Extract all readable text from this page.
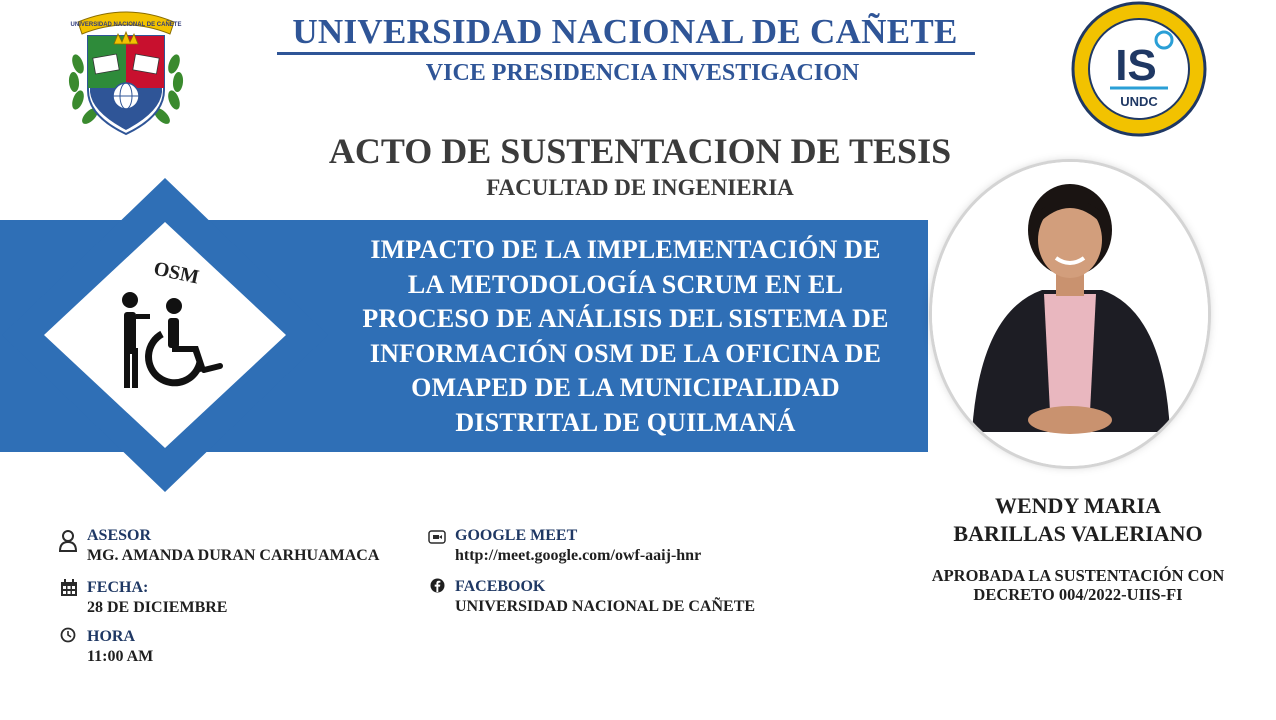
UNIVERSIDAD NACIONAL DE CAÑETE
IS
UNDC
UNIVERSIDAD NACIONAL DE CAÑETE
VICE PRESIDENCIA INVESTIGACION
ACTO DE SUSTENTACION DE TESIS
FACULTAD DE INGENIERIA
OSM
IMPACTO DE LA IMPLEMENTACIÓN DE
LA METODOLOGÍA SCRUM EN EL
PROCESO DE ANÁLISIS DEL SISTEMA DE
INFORMACIÓN OSM DE LA OFICINA DE
OMAPED DE LA MUNICIPALIDAD
DISTRITAL DE QUILMANÁ
WENDY MARIA
BARILLAS VALERIANO
APROBADA LA SUSTENTACIÓN CON
DECRETO 004/2022-UIIS-FI
ASESOR
MG. AMANDA DURAN CARHUAMACA
FECHA:
28 DE DICIEMBRE
HORA
11:00 AM
GOOGLE MEET
http://meet.google.com/owf-aaij-hnr
FACEBOOK
UNIVERSIDAD NACIONAL DE CAÑETE
